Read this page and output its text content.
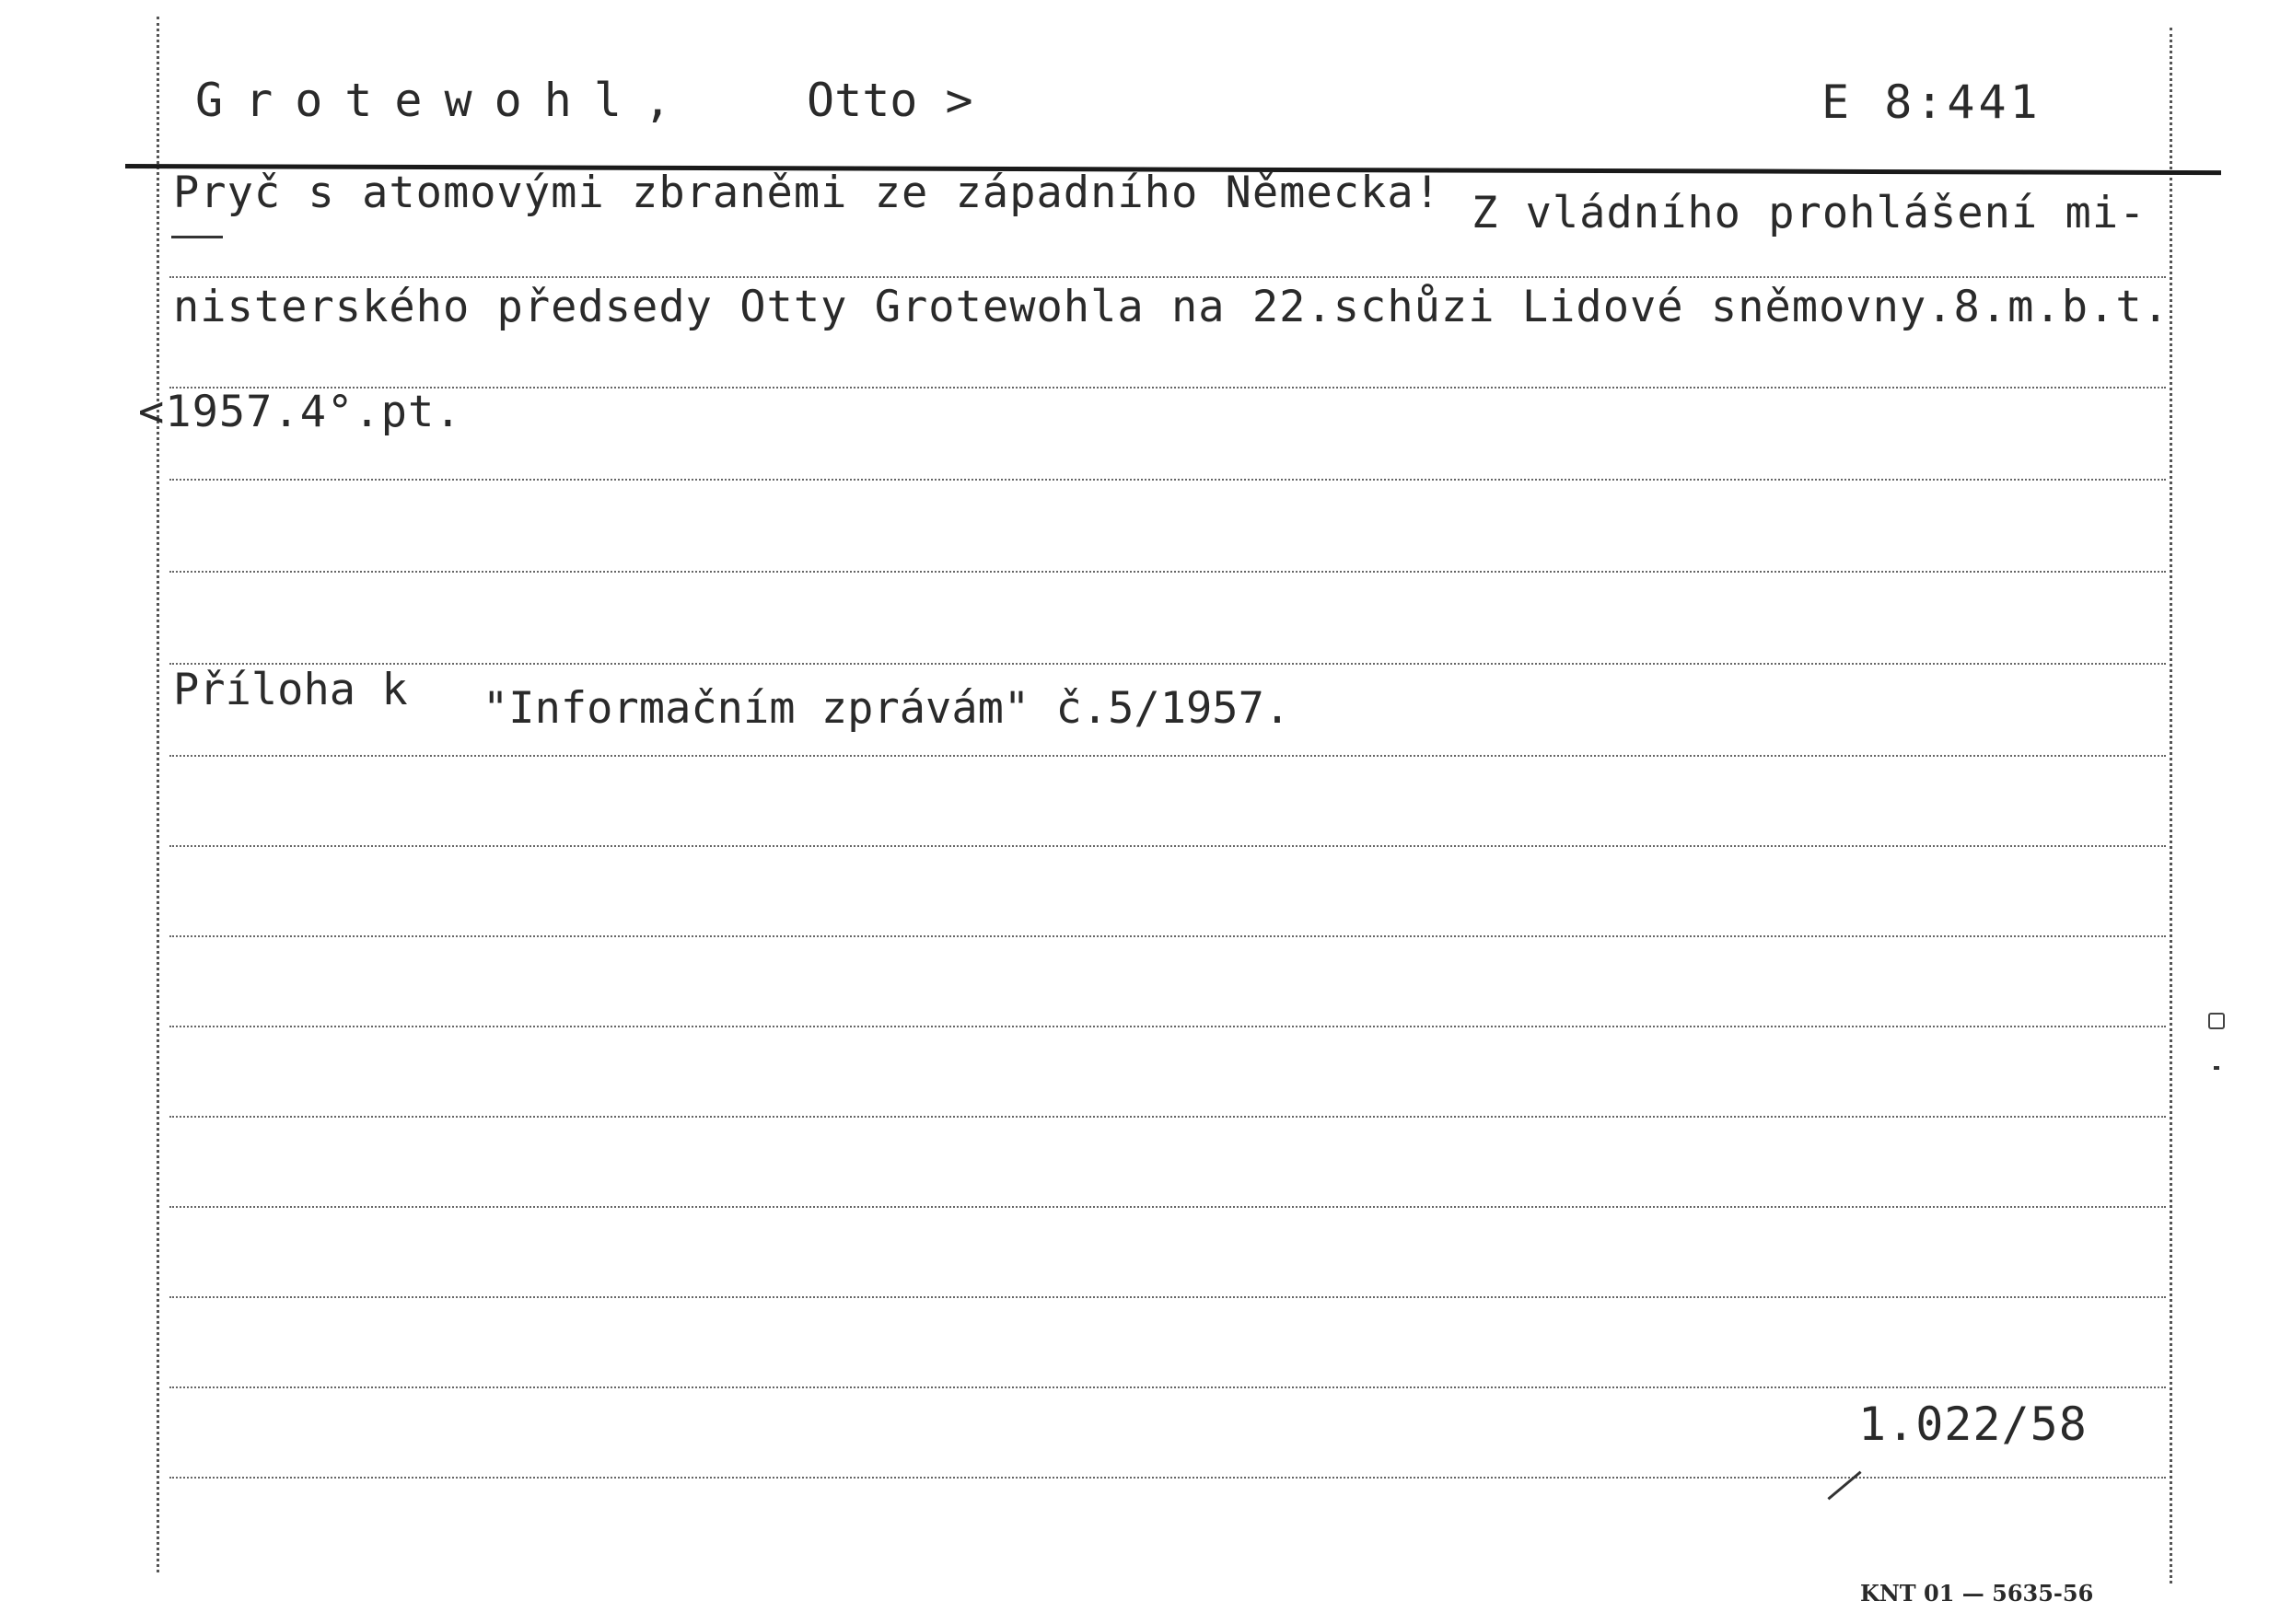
Grotewohl, Otto >	E 8:441
Pryč s atomovými zbraněmi ze západního Německa! Z vládního prohlášení mi-
nisterského předsedy Otty Grotewohla na 22.schůzi Lidové sněmovny.8.m.b.t.
<1957.4°.pt.
Příloha k "Informačním zprávám" č.5/1957.
1.022/58
KNT 01 — 5635-56
